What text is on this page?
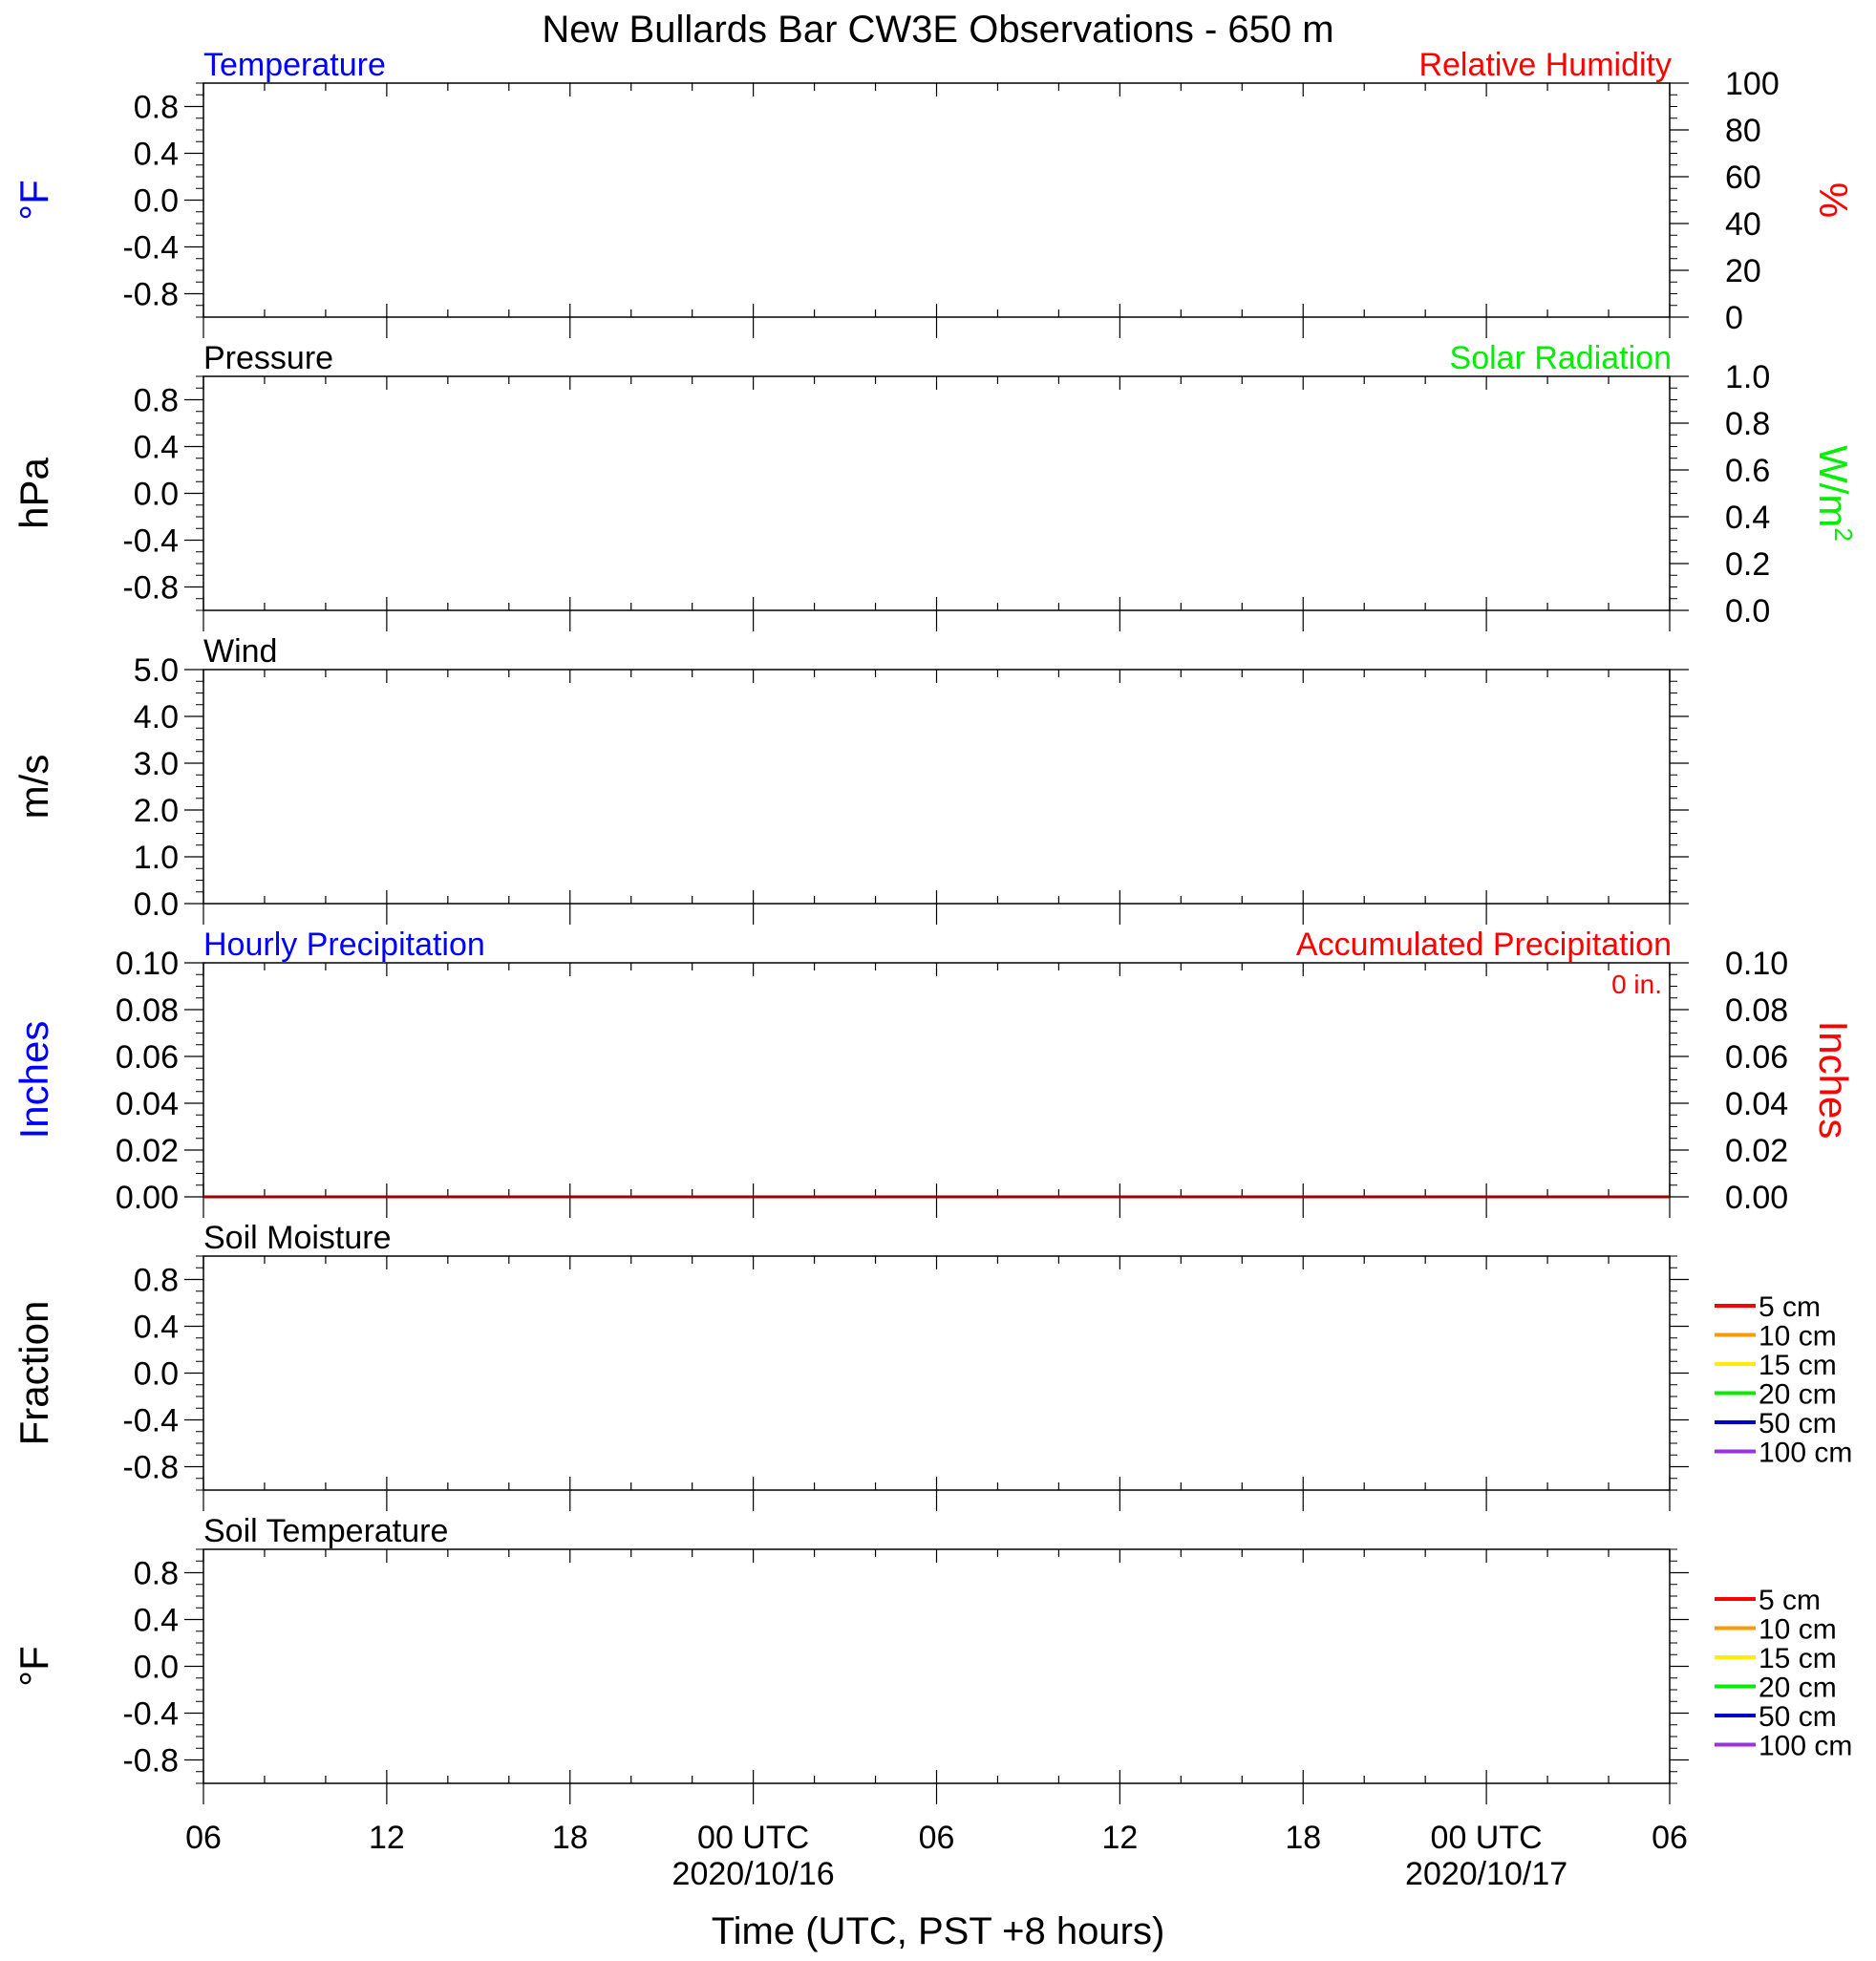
New Bullards Bar CW3E Observations - 650 m
0.8
0.4
0.0
-0.4
-0.8
100
80
60
40
20
0
Temperature	Relative Humidity
°F	%
0.8
0.4
0.0
-0.4
-0.8
1.0
0.8
0.6
0.4
0.2
0.0
Pressure	Solar Radiation
hPa	$W/m^2$
5.0
4.0
3.0
2.0
1.0
0.0
Wind
m/s
0.10
0.08
0.06
0.04
0.02
0.00
0.10
0.08
0.06
0.04
0.02
0.00
Hourly Precipitation	Accumulated Precipitation
0 in.
Inches	Inches
0.8
0.4
0.0
-0.4
-0.8
Soil Moisture
Fraction	5 cm
10 cm
15 cm
20 cm
50 cm
100 cm
0.8
0.4
0.0
-0.4
-0.8
Soil Temperature
°F
5 cm
10 cm
15 cm
20 cm
50 cm
100 cm
06	12	18	00 UTC
2020/10/16
06	12	18	00 UTC
2020/10/17
06
Time (UTC, PST +8 hours)
